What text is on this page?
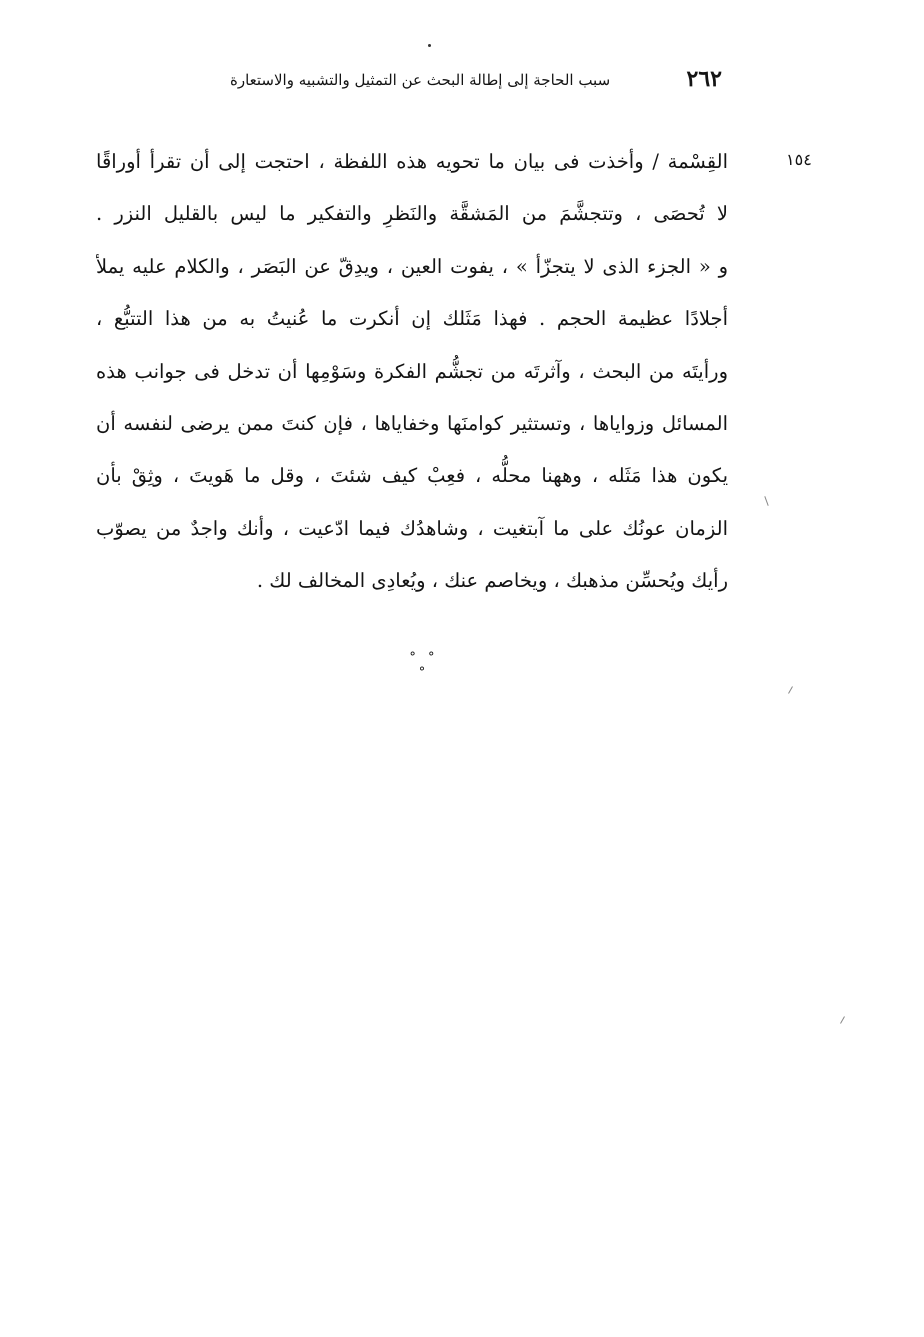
٢٦٢
سبب الحاجة إلى إطالة البحث عن التمثيل والتشبيه والاستعارة
١٥٤
القِسْمة / وأخذت فى بيان ما تحويه هذه اللفظة ، احتجت إلى أن تقرأ أوراقًا
لا تُحصَى ، وتتجشَّمَ من المَشقَّة والنَظرِ والتفكير ما ليس بالقليل النزر .
و « الجزء الذى لا يتجزّأ » ، يفوت العين ، ويدِقّ عن البَصَر ، والكلام عليه يملأ
أجلادًا عظيمة الحجم . فهذا مَثَلك إن أنكرت ما عُنيتُ به من هذا التتبُّع ،
ورأيتَه من البحث ، وآثرتَه من تجشُّم الفكرة وسَوْمِها أن تدخل فى جوانب هذه
المسائل وزواياها ، وتستثير كوامنَها وخفاياها ، فإن كنتَ ممن يرضى لنفسه أن
يكون هذا مَثَله ، وههنا محلُّه ، فعِبْ كيف شئتَ ، وقل ما هَويتَ ، وثِقْ بأن
الزمان عونُك على ما آبتغيت ، وشاهدُك فيما ادّعيت ، وأنك واجدٌ من يصوّب
رأيك ويُحسِّن مذهبك ، ويخاصم عنك ، ويُعادِى المخالف لك .
° ° °
